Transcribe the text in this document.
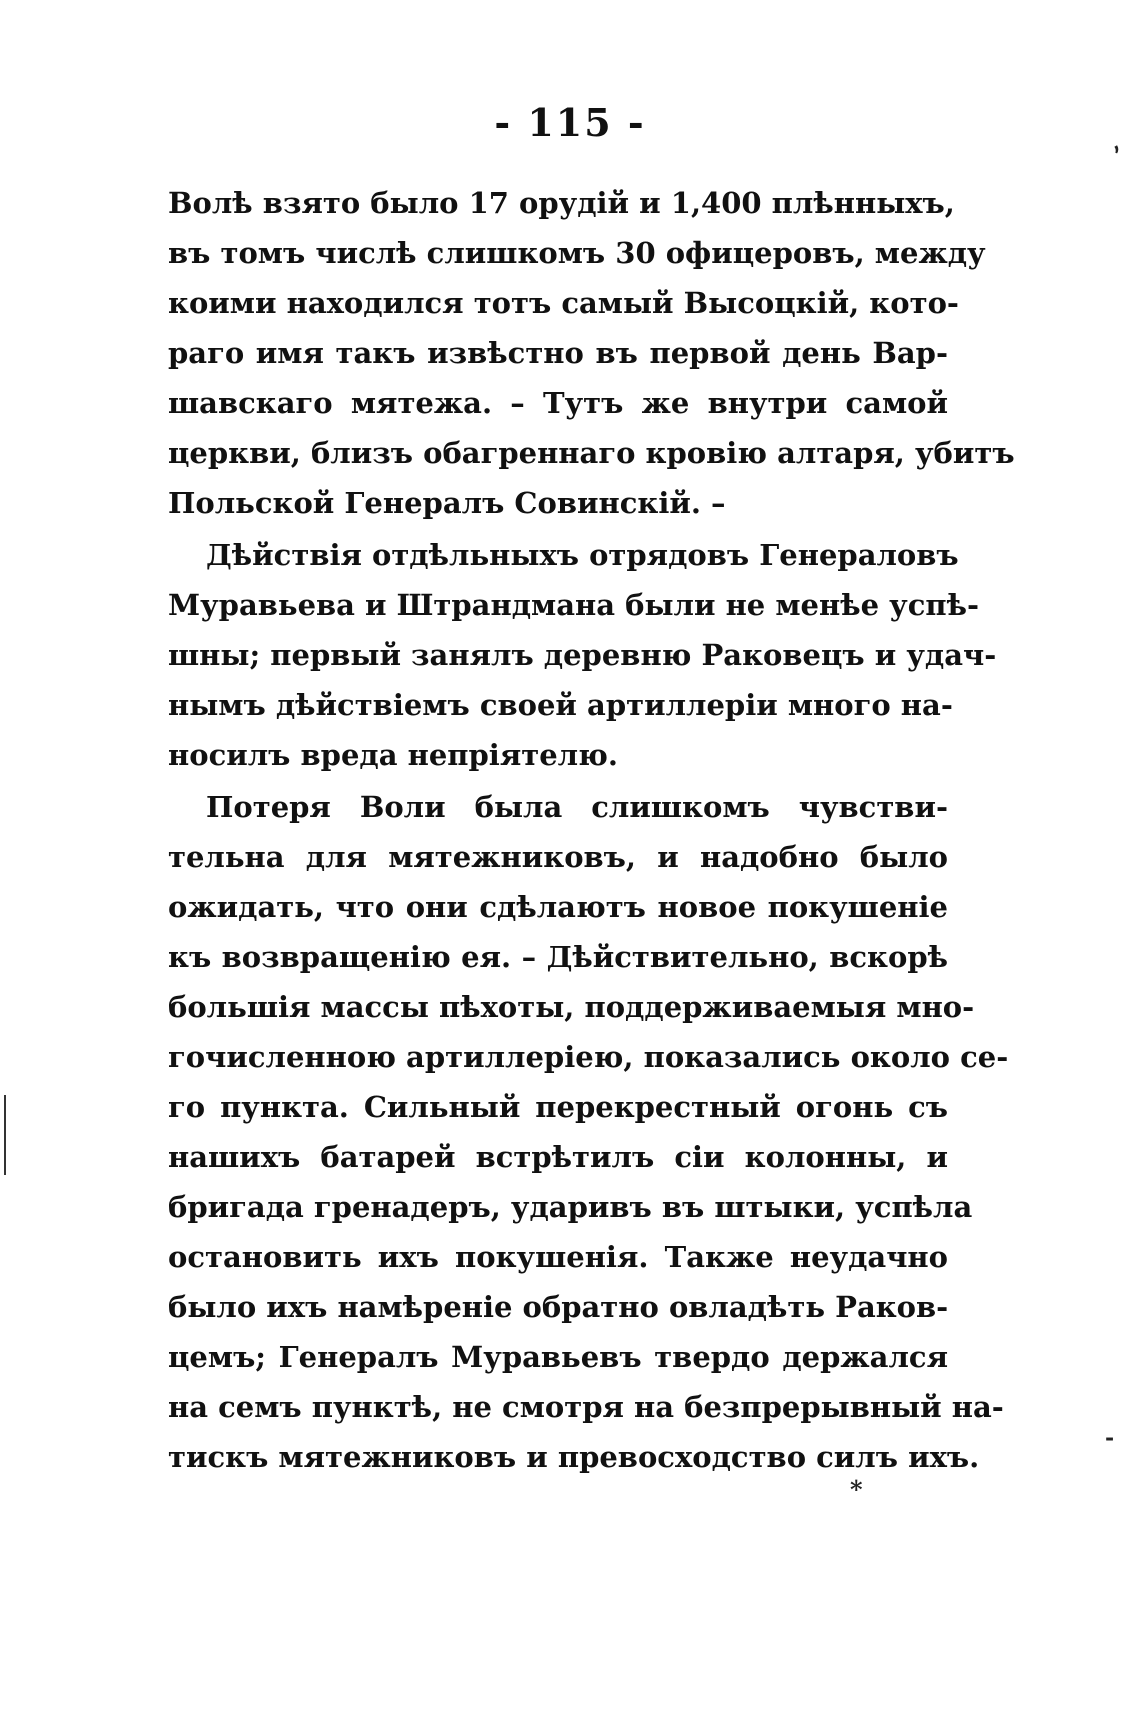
- 115 -
Волѣ взято было 17 орудій и 1,400 плѣнныхъ,
въ томъ числѣ слишкомъ 30 офицеровъ, между
коими находился тотъ самый Высоцкій, кото-
раго имя такъ извѣстно въ первой день Вар-
шавскаго мятежа. – Тутъ же внутри самой
церкви, близъ обагреннаго кровію алтаря, убитъ
Польской Генералъ Совинскій. –
Дѣйствія отдѣльныхъ отрядовъ Генераловъ
Муравьева и Штрандмана были не менѣе успѣ-
шны; первый занялъ деревню Раковецъ и удач-
нымъ дѣйствіемъ своей артиллеріи много на-
носилъ вреда непріятелю.
Потеря Воли была слишкомъ чувстви-
тельна для мятежниковъ, и надобно было
ожидать, что они сдѣлаютъ новое покушеніе
къ возвращенію ея. – Дѣйствительно, вскорѣ
большія массы пѣхоты, поддерживаемыя мно-
гочисленною артиллеріею, показались около се-
го пункта. Сильный перекрестный огонь съ
нашихъ батарей встрѣтилъ сіи колонны, и
бригада гренадеръ, ударивъ въ штыки, успѣла
остановить ихъ покушенія. Также неудачно
было ихъ намѣреніе обратно овладѣть Раков-
цемъ; Генералъ Муравьевъ твердо держался
на семъ пунктѣ, не смотря на безпрерывный на-
тискъ мятежниковъ и превосходство силъ ихъ.
*
,
-
